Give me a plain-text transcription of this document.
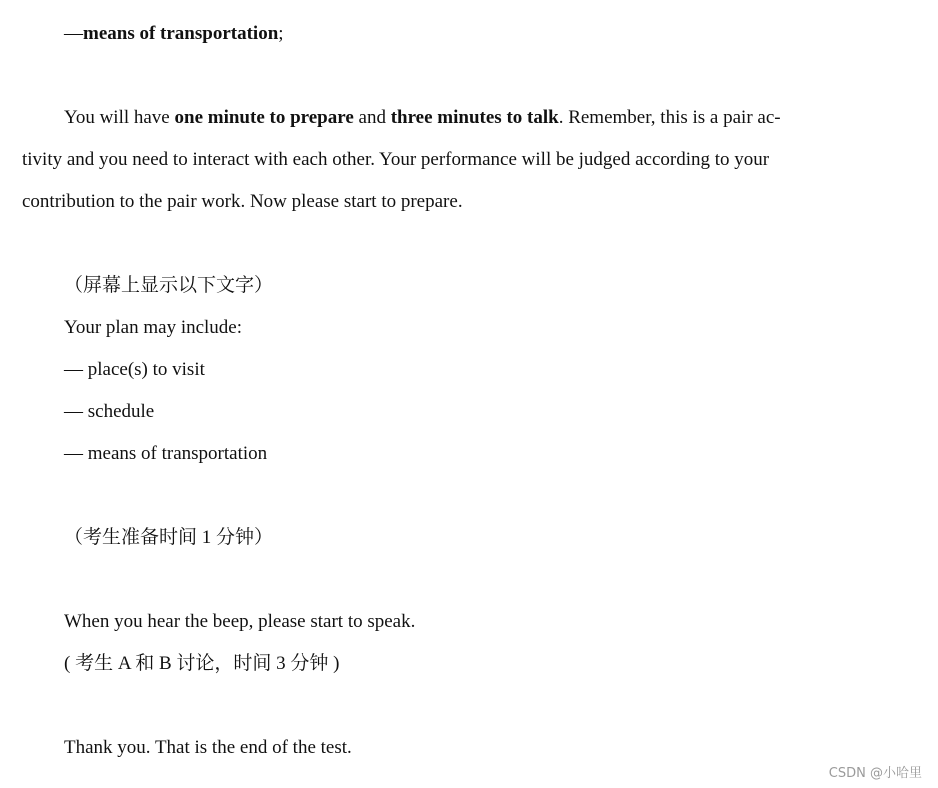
—means of transportation;
You will have one minute to prepare and three minutes to talk. Remember, this is a pair ac-
tivity and you need to interact with each other. Your performance will be judged according to your
contribution to the pair work. Now please start to prepare.
（屏幕上显示以下文字）
Your plan may include:
— place(s) to visit
— schedule
— means of transportation
（考生准备时间 1 分钟）
When you hear the beep, please start to speak.
( 考生 A 和 B 讨论，时间 3 分钟 )
Thank you. That is the end of the test.
CSDN @小哈里
